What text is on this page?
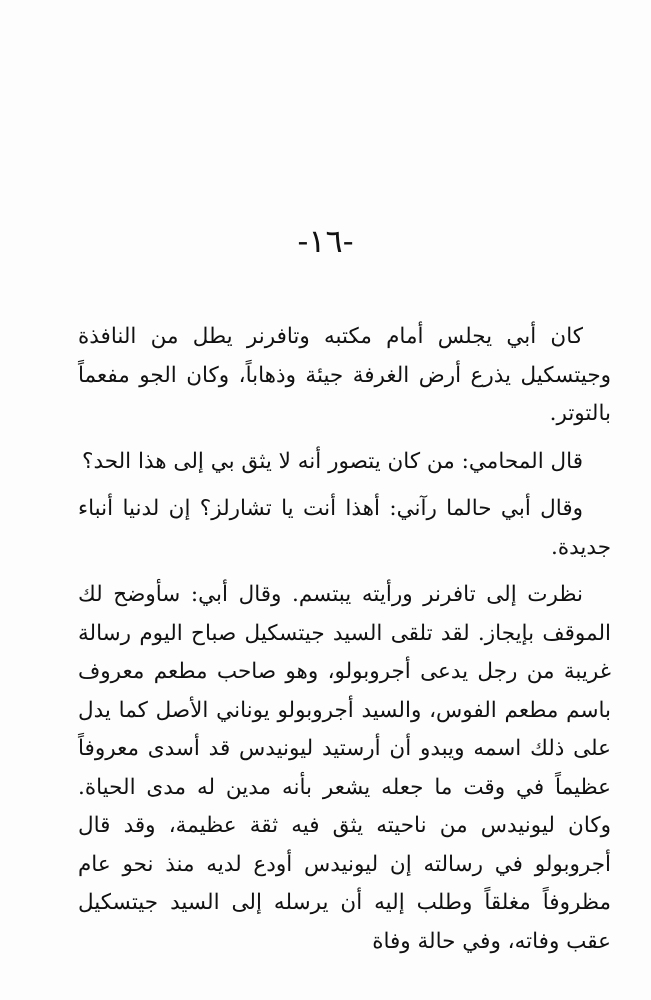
-١٦-

كان أبي يجلس أمام مكتبه وتافرنر يطل من النافذة وجيتسكيل يذرع أرض الغرفة جيئة وذهاباً، وكان الجو مفعماً بالتوتر.

قال المحامي: من كان يتصور أنه لا يثق بي إلى هذا الحد؟

وقال أبي حالما رآني: أهذا أنت يا تشارلز؟ إن لدنيا أنباء جديدة.

نظرت إلى تافرنر ورأيته يبتسم. وقال أبي: سأوضح لك الموقف بإيجاز. لقد تلقى السيد جيتسكيل صباح اليوم رسالة غريبة من رجل يدعى أجروبولو، وهو صاحب مطعم معروف باسم مطعم الفوس، والسيد أجروبولو يوناني الأصل كما يدل على ذلك اسمه ويبدو أن أرستيد ليونيدس قد أسدى معروفاً عظيماً في وقت ما جعله يشعر بأنه مدين له مدى الحياة. وكان ليونيدس من ناحيته يثق فيه ثقة عظيمة، وقد قال أجروبولو في رسالته إن ليونيدس أودع لديه منذ نحو عام مظروفاً مغلقاً وطلب إليه أن يرسله إلى السيد جيتسكيل عقب وفاته، وفي حالة وفاة
